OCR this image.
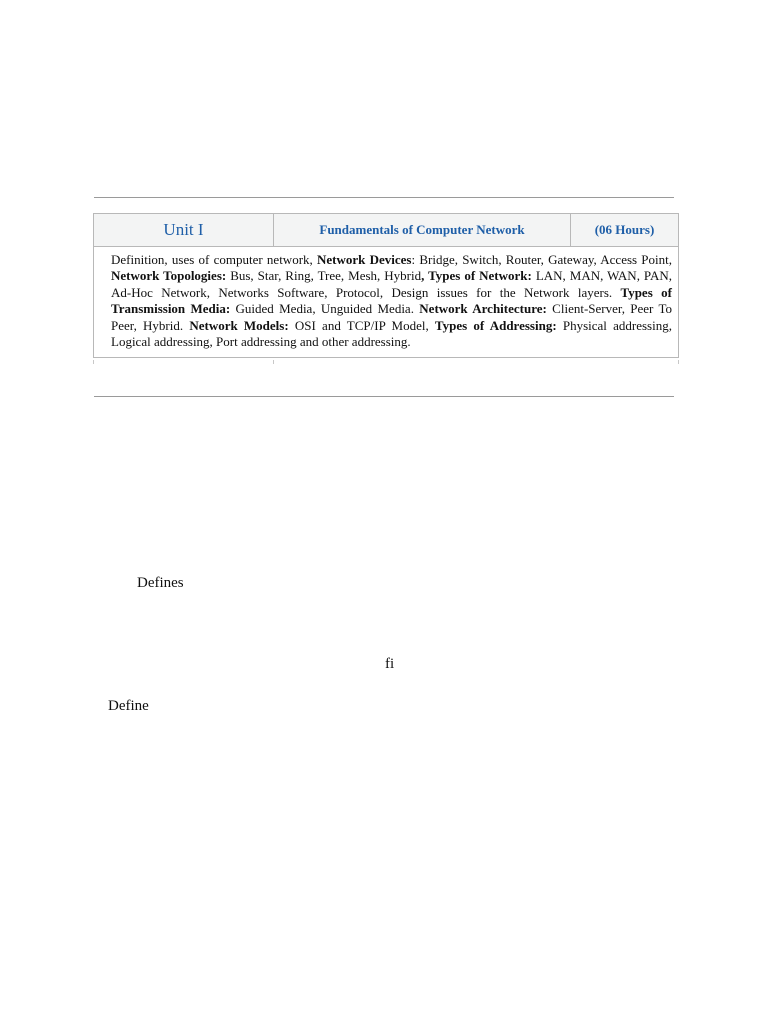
Unit I	Fundamentals of Computer Network	(06 Hours)
Definition, uses of computer network, Network Devices: Bridge, Switch, Router, Gateway, Access Point, Network Topologies: Bus, Star, Ring, Tree, Mesh, Hybrid, Types of Network: LAN, MAN, WAN, PAN, Ad-Hoc Network, Networks Software, Protocol, Design issues for the Network layers. Types of Transmission Media: Guided Media, Unguided Media. Network Architecture: Client-Server, Peer To Peer, Hybrid. Network Models: OSI and TCP/IP Model, Types of Addressing: Physical addressing, Logical addressing, Port addressing and other addressing.
Defines
fi
Define
